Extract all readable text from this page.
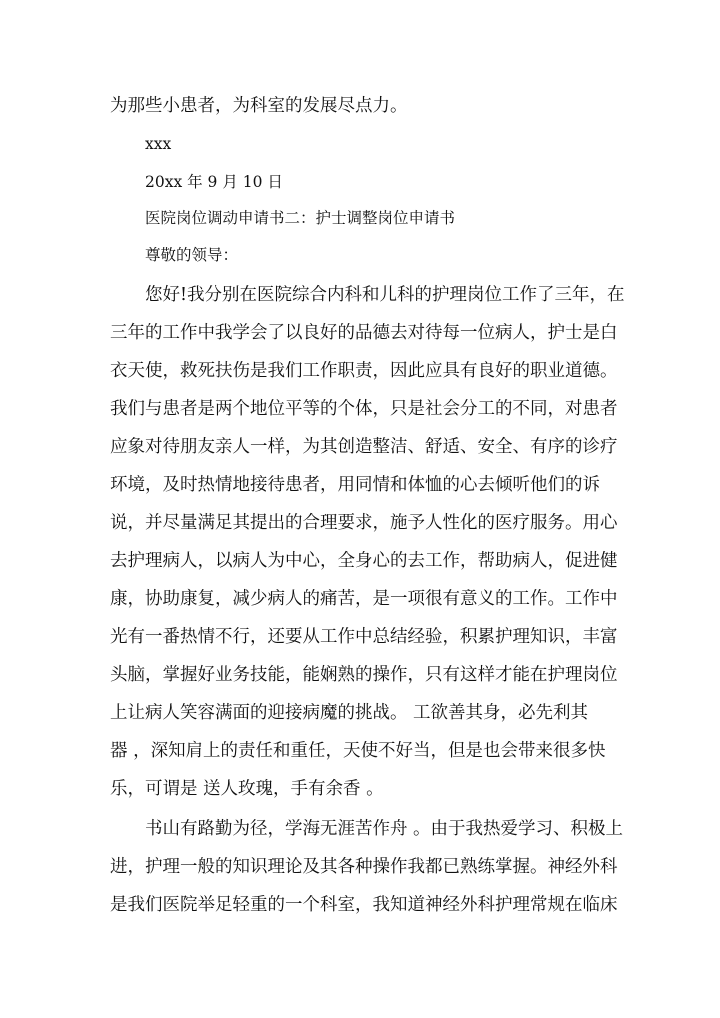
为那些小患者，为科室的发展尽点力。
xxx
20xx 年 9 月 10 日
医院岗位调动申请书二：护士调整岗位申请书
尊敬的领导：
您好!我分别在医院综合内科和儿科的护理岗位工作了三年，在
三年的工作中我学会了以良好的品德去对待每一位病人，护士是白
衣天使，救死扶伤是我们工作职责，因此应具有良好的职业道德。
我们与患者是两个地位平等的个体，只是社会分工的不同，对患者
应象对待朋友亲人一样，为其创造整洁、舒适、安全、有序的诊疗
环境，及时热情地接待患者，用同情和体恤的心去倾听他们的诉
说，并尽量满足其提出的合理要求，施予人性化的医疗服务。用心
去护理病人，以病人为中心，全身心的去工作，帮助病人，促进健
康，协助康复，减少病人的痛苦，是一项很有意义的工作。工作中
光有一番热情不行，还要从工作中总结经验，积累护理知识，丰富
头脑，掌握好业务技能，能娴熟的操作，只有这样才能在护理岗位
上让病人笑容满面的迎接病魔的挑战。 工欲善其身，必先利其
器 ，深知肩上的责任和重任，天使不好当，但是也会带来很多快
乐，可谓是 送人玫瑰，手有余香 。
书山有路勤为径，学海无涯苦作舟 。由于我热爱学习、积极上
进，护理一般的知识理论及其各种操作我都已熟练掌握。神经外科
是我们医院举足轻重的一个科室，我知道神经外科护理常规在临床
